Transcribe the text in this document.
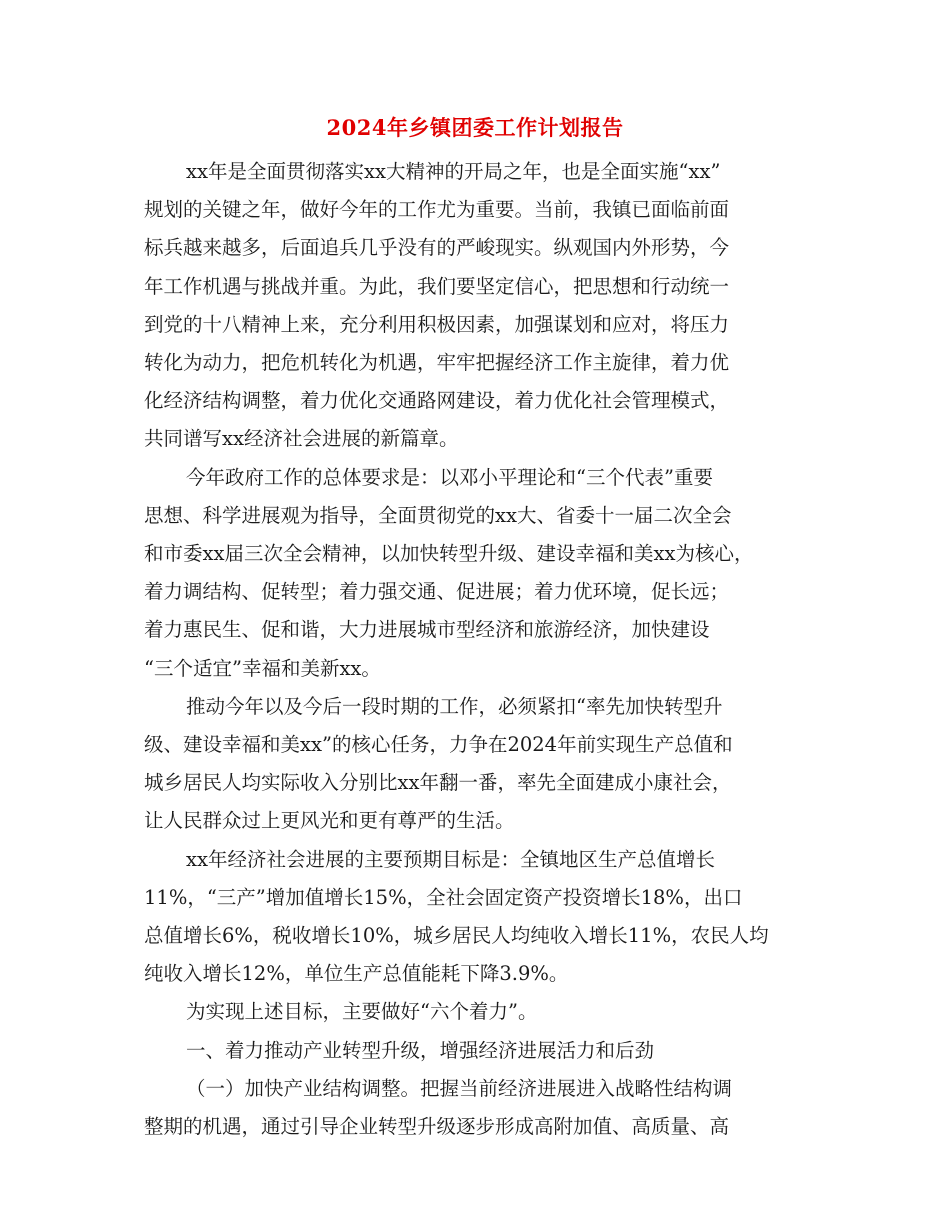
2024年乡镇团委工作计划报告
xx年是全面贯彻落实xx大精神的开局之年，也是全面实施“xx”
规划的关键之年，做好今年的工作尤为重要。当前，我镇已面临前面
标兵越来越多，后面追兵几乎没有的严峻现实。纵观国内外形势，今
年工作机遇与挑战并重。为此，我们要坚定信心，把思想和行动统一
到党的十八精神上来，充分利用积极因素，加强谋划和应对，将压力
转化为动力，把危机转化为机遇，牢牢把握经济工作主旋律，着力优
化经济结构调整，着力优化交通路网建设，着力优化社会管理模式，
共同谱写xx经济社会进展的新篇章。
今年政府工作的总体要求是：以邓小平理论和“三个代表”重要
思想、科学进展观为指导，全面贯彻党的xx大、省委十一届二次全会
和市委xx届三次全会精神，以加快转型升级、建设幸福和美xx为核心，
着力调结构、促转型；着力强交通、促进展；着力优环境，促长远；
着力惠民生、促和谐，大力进展城市型经济和旅游经济，加快建设
“三个适宜”幸福和美新xx。
推动今年以及今后一段时期的工作，必须紧扣“率先加快转型升
级、建设幸福和美xx”的核心任务，力争在2024年前实现生产总值和
城乡居民人均实际收入分别比xx年翻一番，率先全面建成小康社会，
让人民群众过上更风光和更有尊严的生活。
xx年经济社会进展的主要预期目标是：全镇地区生产总值增长
11%，“三产”增加值增长15%，全社会固定资产投资增长18%，出口
总值增长6%，税收增长10%，城乡居民人均纯收入增长11%，农民人均
纯收入增长12%，单位生产总值能耗下降3.9%。
为实现上述目标，主要做好“六个着力”。
一、着力推动产业转型升级，增强经济进展活力和后劲
（一）加快产业结构调整。把握当前经济进展进入战略性结构调
整期的机遇，通过引导企业转型升级逐步形成高附加值、高质量、高
